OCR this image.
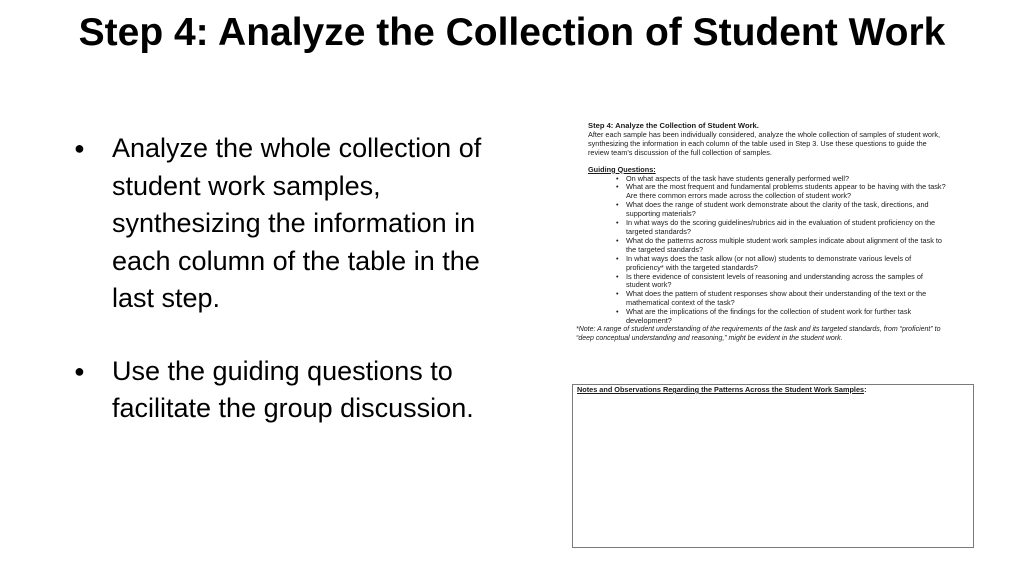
Step 4: Analyze the Collection of Student Work
● Analyze the whole collection of student work samples, synthesizing the information in each column of the table in the last step.
● Use the guiding questions to facilitate the group discussion.

Step 4: Analyze the Collection of Student Work.

After each sample has been individually considered, analyze the whole collection of samples of student work, synthesizing the information in each column of the table used in Step 3. Use these questions to guide the review team's discussion of the full collection of samples.

Guiding Questions:

• On what aspects of the task have students generally performed well?
• What are the most frequent and fundamental problems students appear to be having with the task? Are there common errors made across the collection of student work?
• What does the range of student work demonstrate about the clarity of the task, directions, and supporting materials?
• In what ways do the scoring guidelines/rubrics aid in the evaluation of student proficiency on the targeted standards?
• What do the patterns across multiple student work samples indicate about alignment of the task to the targeted standards?
• In what ways does the task allow (or not allow) students to demonstrate various levels of proficiency* with the targeted standards?
• Is there evidence of consistent levels of reasoning and understanding across the samples of student work?
• What does the pattern of student responses show about their understanding of the text or the mathematical context of the task?
• What are the implications of the findings for the collection of student work for further task development?

*Note: A range of student understanding of the requirements of the task and its targeted standards, from “proficient” to “deep conceptual understanding and reasoning,” might be evident in the student work.

Notes and Observations Regarding the Patterns Across the Student Work Samples:
